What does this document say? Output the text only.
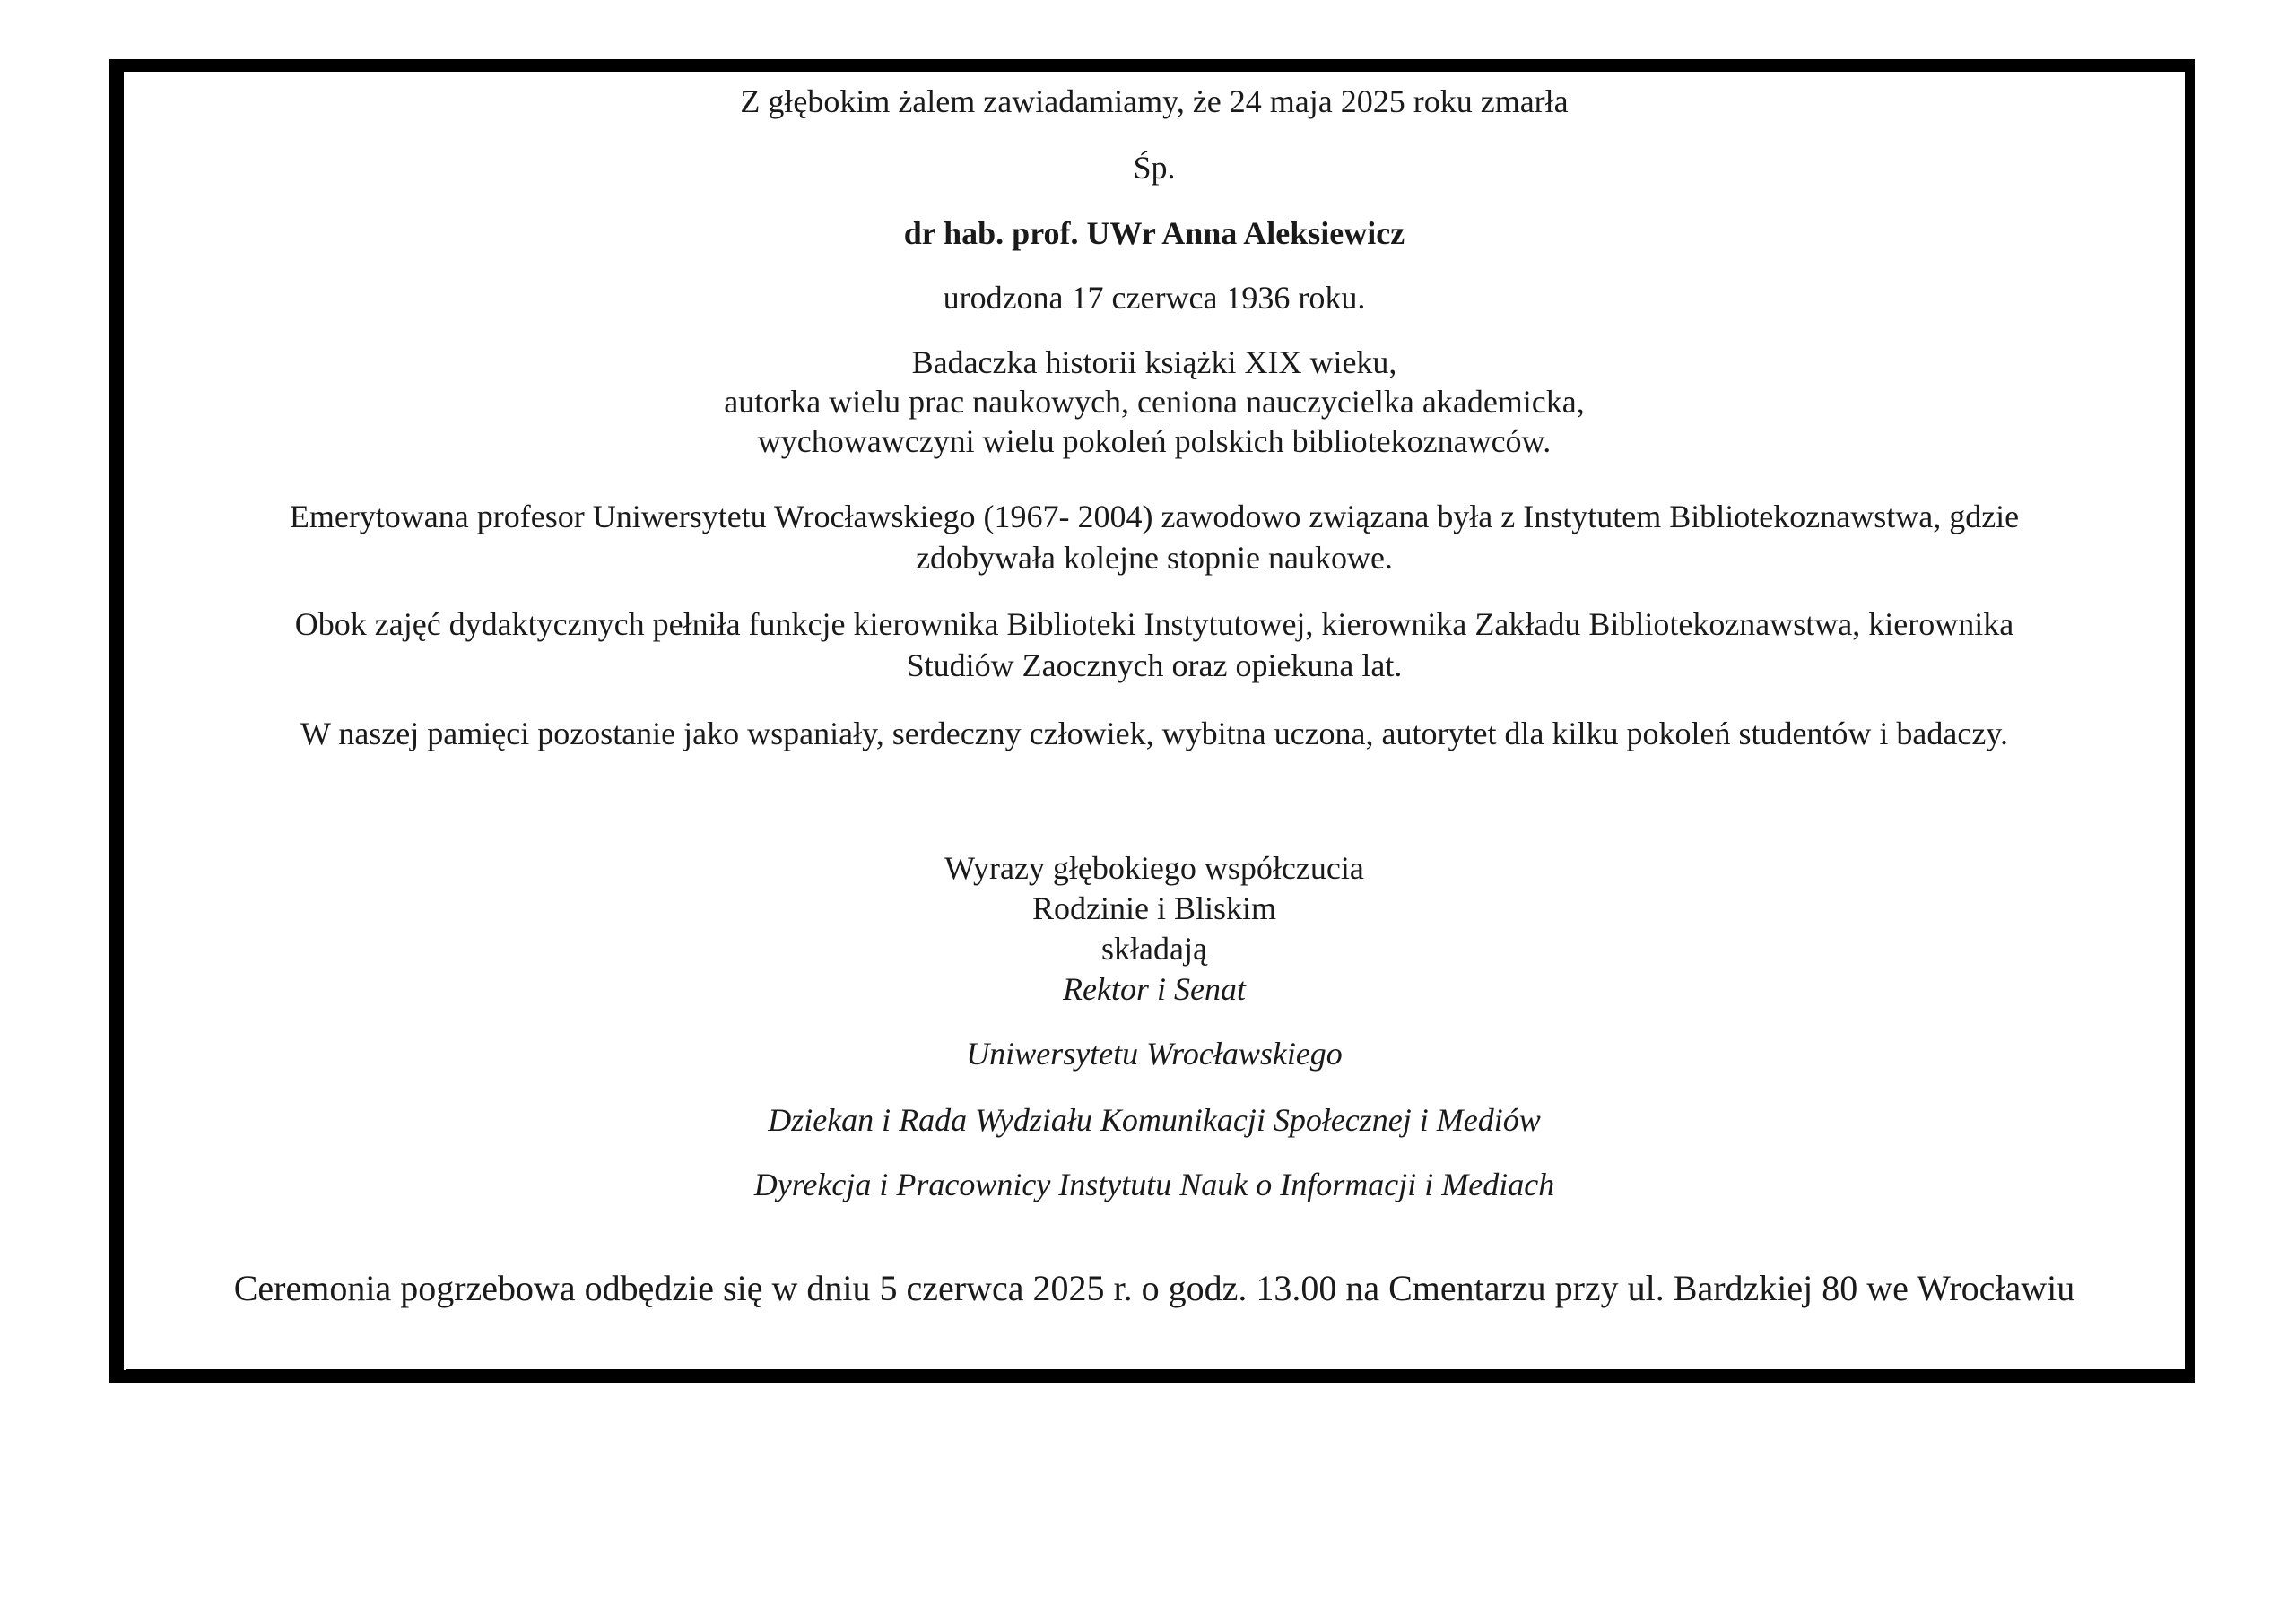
Z głębokim żalem zawiadamiamy, że 24 maja 2025 roku zmarła
Śp.
dr hab. prof. UWr Anna Aleksiewicz
urodzona 17 czerwca 1936 roku.
Badaczka historii książki XIX wieku,
autorka wielu prac naukowych, ceniona nauczycielka akademicka,
wychowawczyni wielu pokoleń polskich bibliotekoznawców.
Emerytowana profesor Uniwersytetu Wrocławskiego (1967- 2004) zawodowo związana była z Instytutem Bibliotekoznawstwa, gdzie
zdobywała kolejne stopnie naukowe.
Obok zajęć dydaktycznych pełniła funkcje kierownika Biblioteki Instytutowej, kierownika Zakładu Bibliotekoznawstwa, kierownika
Studiów Zaocznych oraz opiekuna lat.
W naszej pamięci pozostanie jako wspaniały, serdeczny człowiek, wybitna uczona, autorytet dla kilku pokoleń studentów i badaczy.
Wyrazy głębokiego współczucia
Rodzinie i Bliskim
składają
Rektor i Senat
Uniwersytetu Wrocławskiego
Dziekan i Rada Wydziału Komunikacji Społecznej i Mediów
Dyrekcja i Pracownicy Instytutu Nauk o Informacji i Mediach
Ceremonia pogrzebowa odbędzie się w dniu 5 czerwca 2025 r. o godz. 13.00 na Cmentarzu przy ul. Bardzkiej 80 we Wrocławiu
